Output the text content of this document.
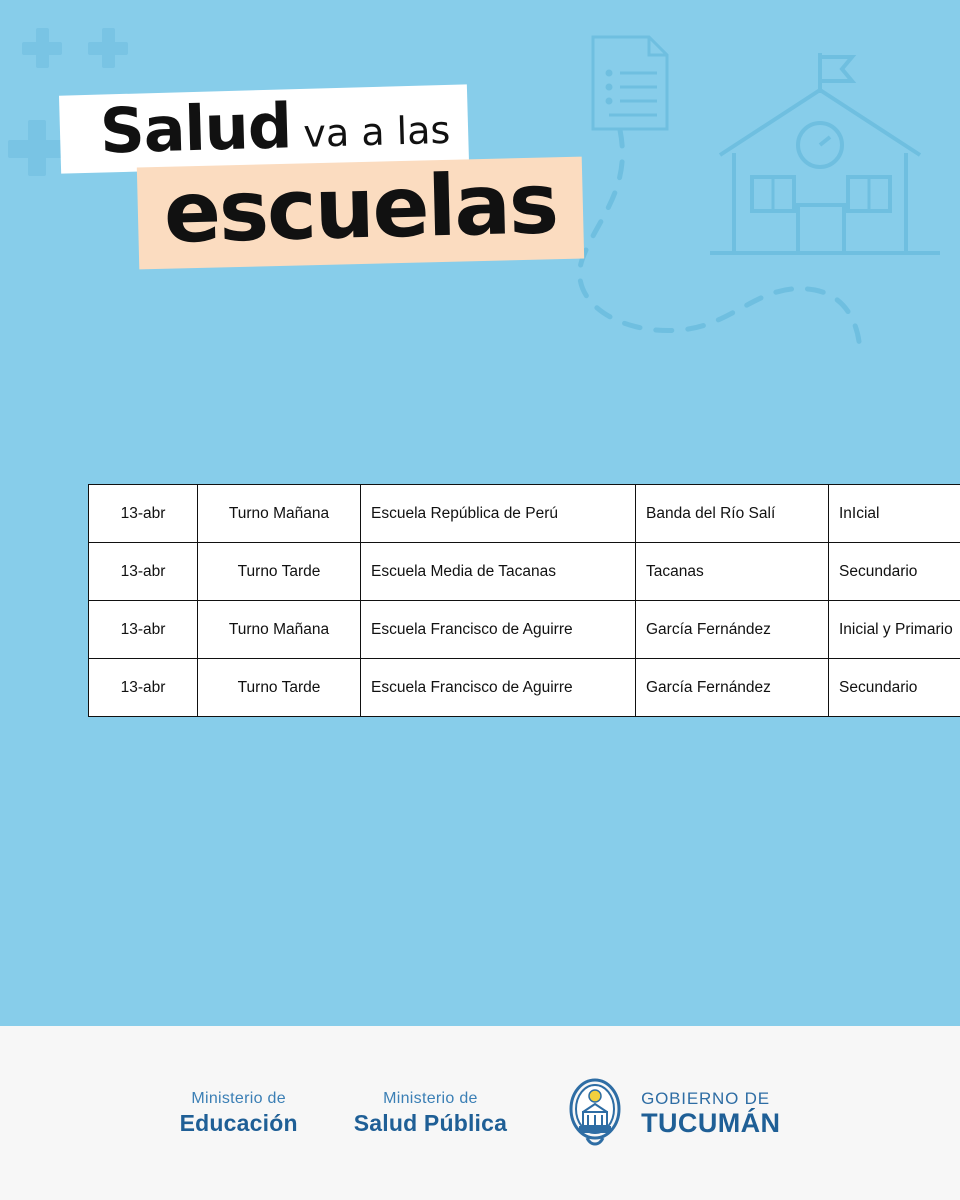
Salud va a las
escuelas
13-abr	Turno Mañana	Escuela República de Perú	Banda del Río Salí	InIcial
13-abr	Turno Tarde	Escuela Media de Tacanas	Tacanas	Secundario
13-abr	Turno Mañana	Escuela Francisco de Aguirre	García Fernández	Inicial y Primario
13-abr	Turno Tarde	Escuela Francisco de Aguirre	García Fernández	Secundario
Ministerio de
Educación
Ministerio de
Salud Pública
GOBIERNO DE
TUCUMÁN
